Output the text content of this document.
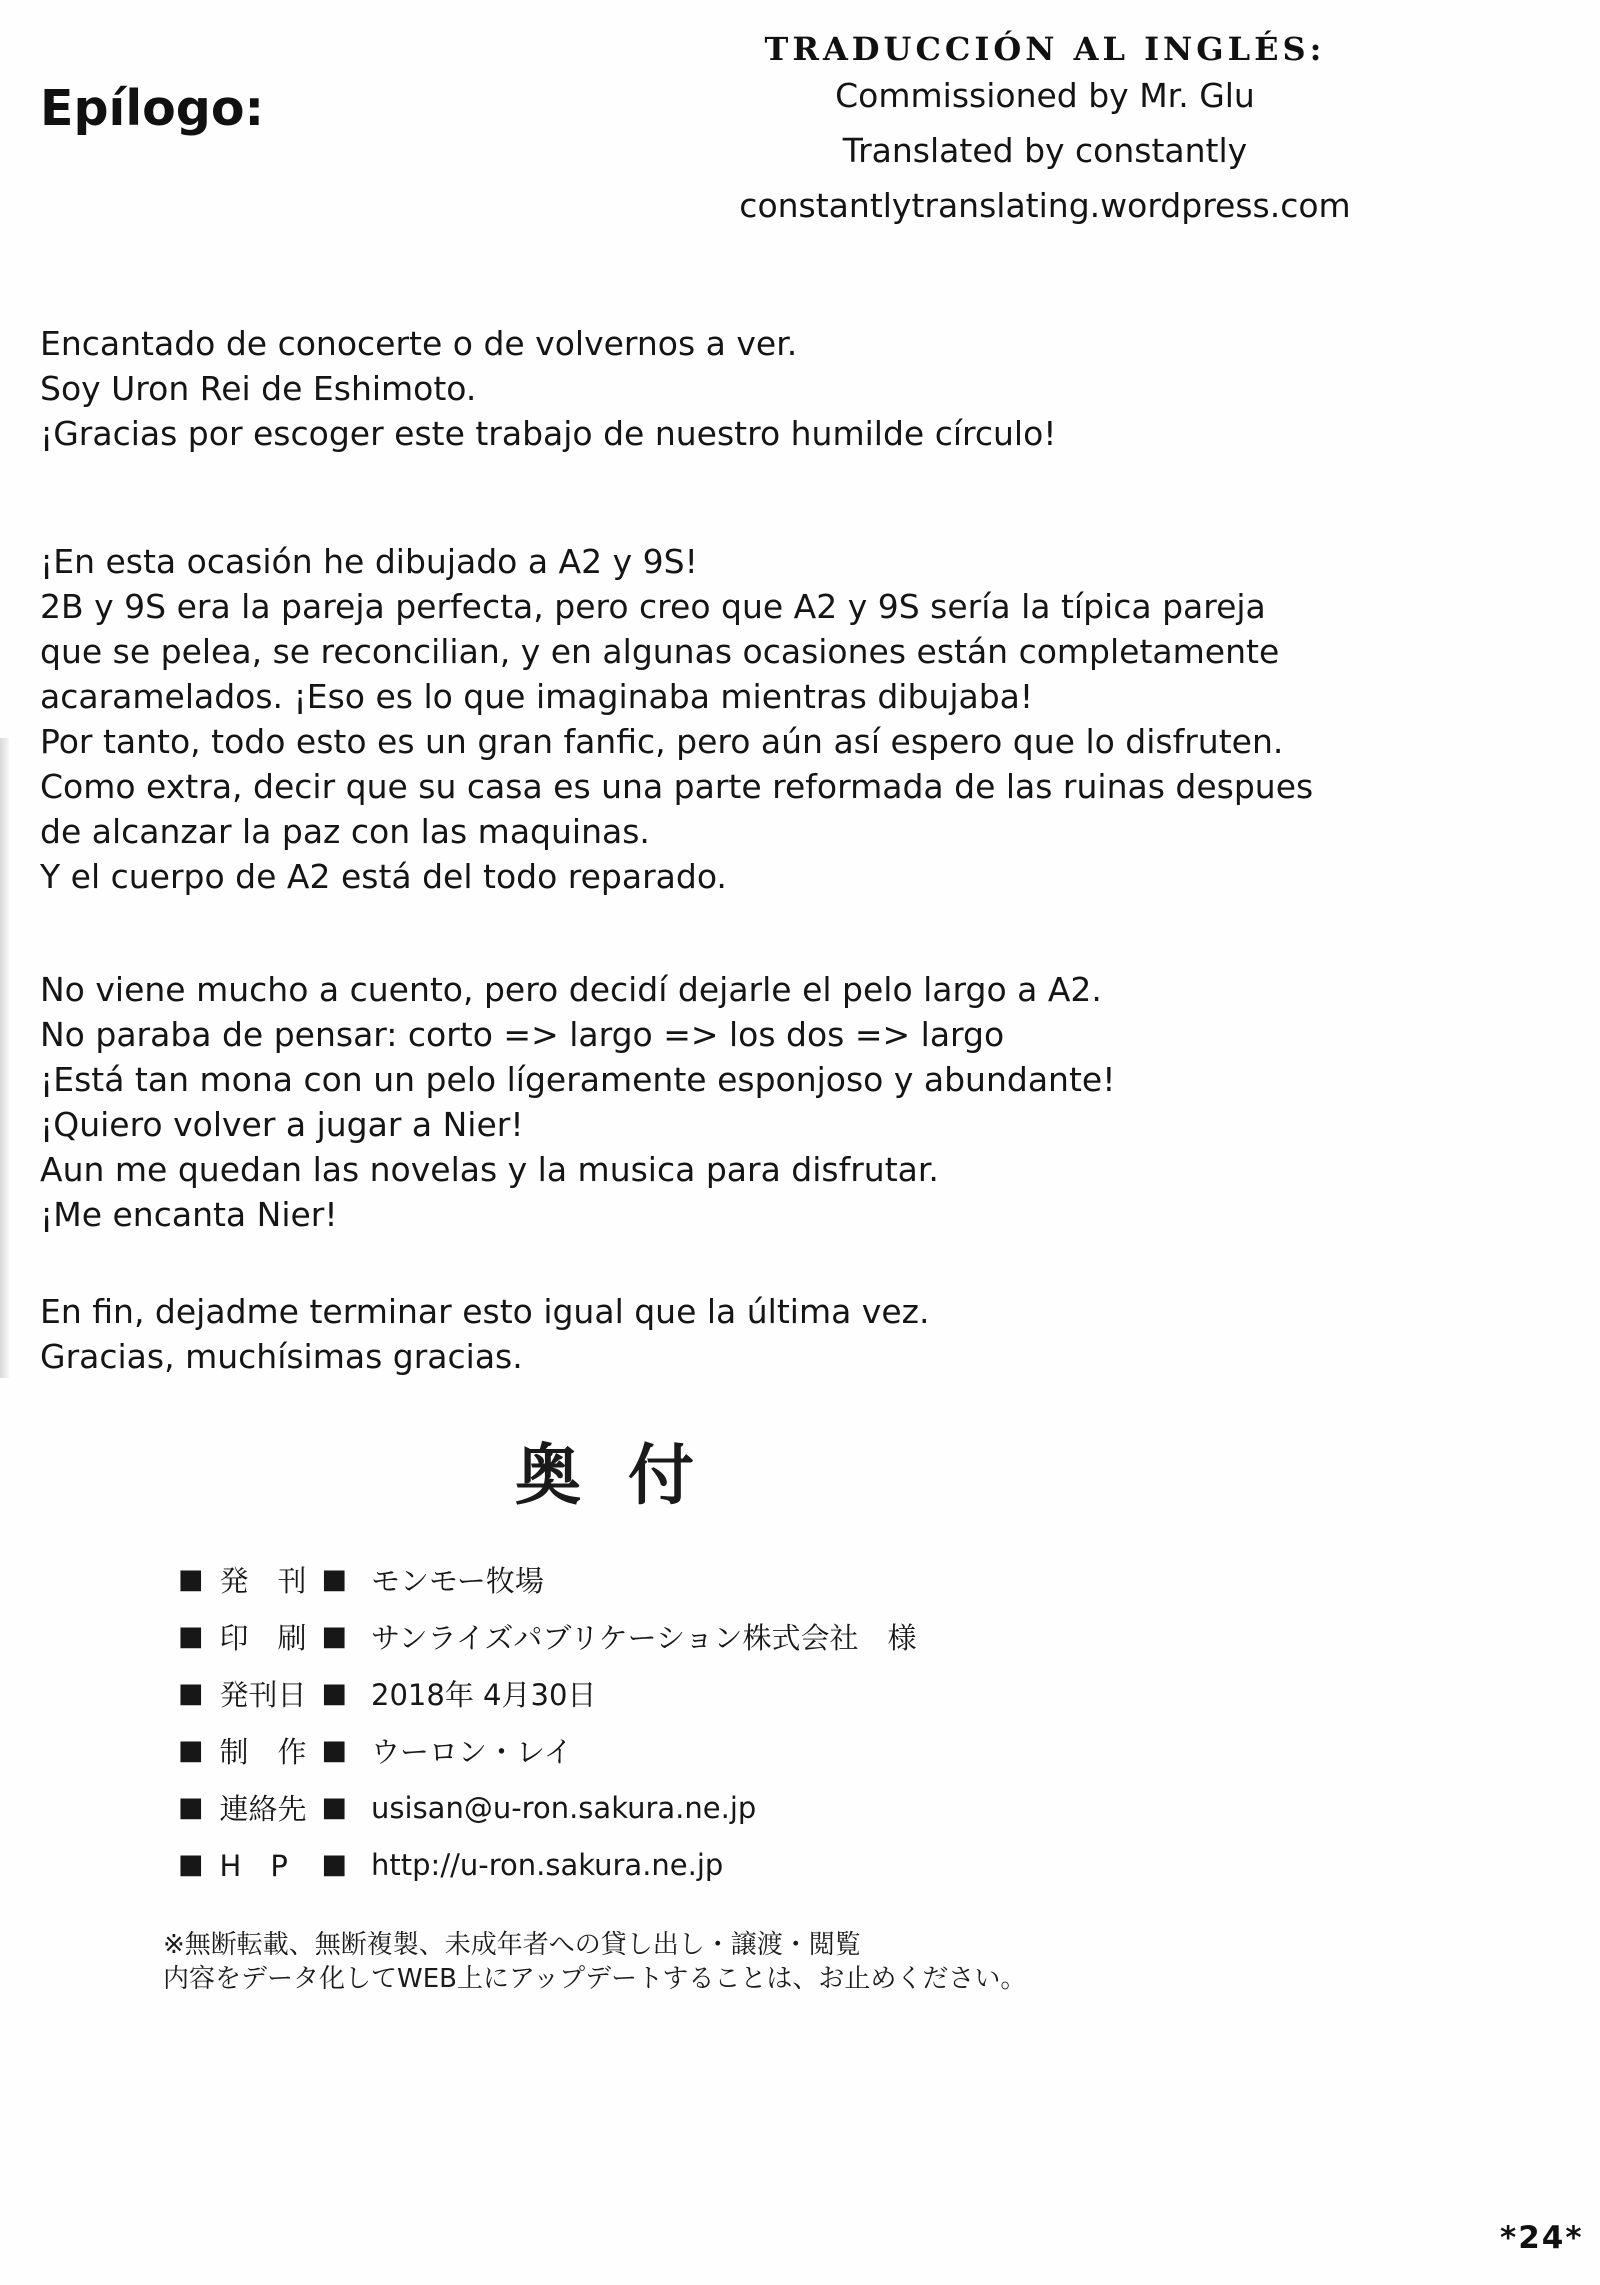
TRADUCCIÓN AL INGLÉS:
Commissioned by Mr. Glu
Translated by constantly
constantlytranslating.wordpress.com
Epílogo:

Encantado de conocerte o de volvernos a ver.
Soy Uron Rei de Eshimoto.
¡Gracias por escoger este trabajo de nuestro humilde círculo!

¡En esta ocasión he dibujado a A2 y 9S!
2B y 9S era la pareja perfecta, pero creo que A2 y 9S sería la típica pareja
que se pelea, se reconcilian, y en algunas ocasiones están completamente
acaramelados. ¡Eso es lo que imaginaba mientras dibujaba!
Por tanto, todo esto es un gran fanfic, pero aún así espero que lo disfruten.
Como extra, decir que su casa es una parte reformada de las ruinas despues
de alcanzar la paz con las maquinas.
Y el cuerpo de A2 está del todo reparado.

No viene mucho a cuento, pero decidí dejarle el pelo largo a A2.
No paraba de pensar: corto => largo => los dos => largo
¡Está tan mona con un pelo lígeramente esponjoso y abundante!
¡Quiero volver a jugar a Nier!
Aun me quedan las novelas y la musica para disfrutar.
¡Me encanta Nier!

En fin, dejadme terminar esto igual que la última vez.

Gracias, muchísimas gracias.

奥 付
■ 発　刊 ■ モンモー牧場
■ 印　刷 ■ サンライズパブリケーション株式会社　様
■ 発刊日 ■ 2018年 4月30日
■ 制　作 ■ ウーロン・レイ
■ 連絡先 ■ usisan@u-ron.sakura.ne.jp
■ H　P	■ http://u-ron.sakura.ne.jp
※無断転載、無断複製、未成年者への貸し出し・譲渡・閲覧
内容をデータ化してWEB上にアップデートすることは、お止めください。
*24*
